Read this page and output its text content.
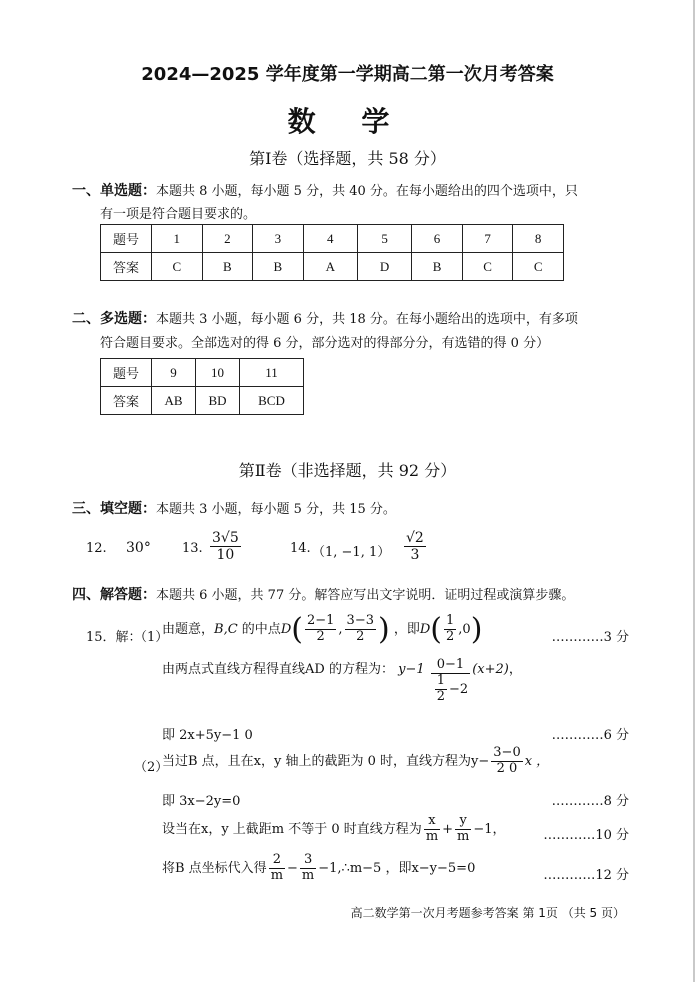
2024—2025 学年度第一学期高二第一次月考答案
数 学
第Ⅰ卷（选择题，共 58 分）
一、单选题：本题共 8 小题，每小题 5 分，共 40 分。在每小题给出的四个选项中，只
有一项是符合题目要求的。
题号	1	2	3	4	5	6	7	8
答案	C	B	B	A	D	B	C	C
二、多选题：本题共 3 小题，每小题 6 分，共 18 分。在每小题给出的选项中，有多项
符合题目要求。全部选对的得 6 分，部分选对的得部分分，有选错的得 0 分）
题号	9	10	11
答案	AB	BD	BCD
第Ⅱ卷（非选择题，共 92 分）
三、填空题：本题共 3 小题，每小题 5 分，共 15 分。
12. 30° 13. $\frac{3√5}{10}$	14. （1, −1, $1) \frac{√2}{3}$
四、解答题：本题共 6 小题，共 77 分。解答应写出文字说明．证明过程或演算步骤。
15．解：
（1）
由题意，B,C 的中点$D( \frac{2-1}{2}$ , $\frac{3-3}{2}$ ) ，即$D( \frac{1}{2} ,0)$	…………3 分
由两点式直线方程得直线AD 的方程为： $y-1 \frac{0-1}{\frac{1}{2} -2} (x+2)$，
即 2x+5y−1 0	…………6 分
（2）
当过B 点，且在x，y 轴上的截距为 0 时，直线方程为$y- \frac{3-0}{2 0}$ x ，
即 3x−2y=0	…………8 分
设当在x，y 上截距m 不等于 0 时直线方程为 $\frac{x}{m} + \frac{y}{m} -1$，	…………10 分
将B 点坐标代入得 $\frac{2}{m} - \frac{3}{m}$ −1,∴m−5 ，即x−y−5=0	…………12 分
高二数学第一次月考题参考答案 第 1页 （共 5 页）
